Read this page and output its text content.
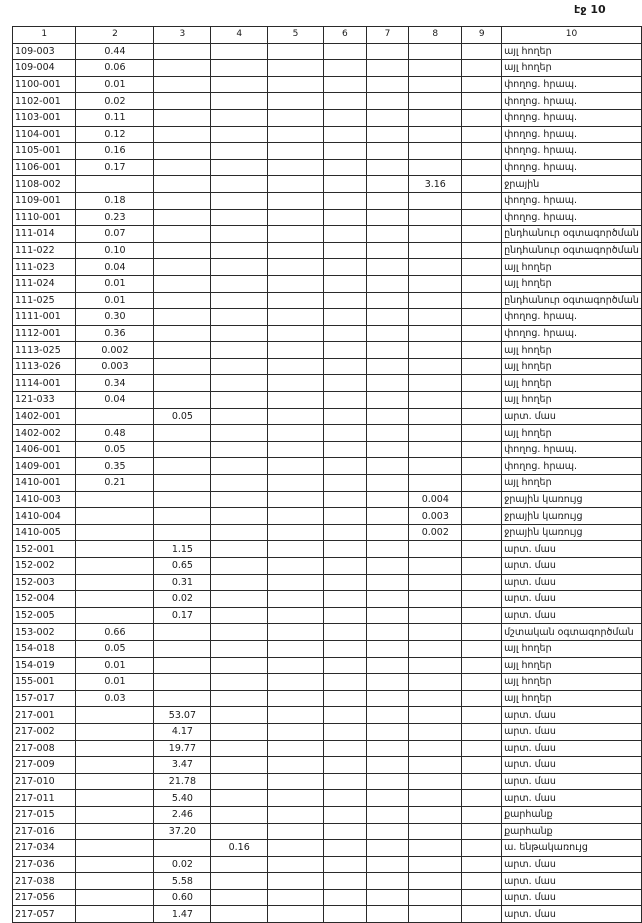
էջ 10
1	2	3	4	5	6	7	8	9	10
109-003	0.44								այլ հողեր
109-004	0.06								այլ հողեր
1100-001	0.01								փողոց. հրապ.
1102-001	0.02								փողոց. հրապ.
1103-001	0.11								փողոց. հրապ.
1104-001	0.12								փողոց. հրապ.
1105-001	0.16								փողոց. հրապ.
1106-001	0.17								փողոց. հրապ.
1108-002							3.16		ջրային
1109-001	0.18								փողոց. հրապ.
1110-001	0.23								փողոց. հրապ.
111-014	0.07								ընդհանուր օգտագործման
111-022	0.10								ընդհանուր օգտագործման
111-023	0.04								այլ հողեր
111-024	0.01								այլ հողեր
111-025	0.01								ընդհանուր օգտագործման
1111-001	0.30								փողոց. հրապ.
1112-001	0.36								փողոց. հրապ.
1113-025	0.002								այլ հողեր
1113-026	0.003								այլ հողեր
1114-001	0.34								այլ հողեր
121-033	0.04								այլ հողեր
1402-001		0.05							արտ. մաս
1402-002	0.48								այլ հողեր
1406-001	0.05								փողոց. հրապ.
1409-001	0.35								փողոց. հրապ.
1410-001	0.21								այլ հողեր
1410-003							0.004		ջրային կառույց
1410-004							0.003		ջրային կառույց
1410-005							0.002		ջրային կառույց
152-001		1.15							արտ. մաս
152-002		0.65							արտ. մաս
152-003		0.31							արտ. մաս
152-004		0.02							արտ. մաս
152-005		0.17							արտ. մաս
153-002	0.66								մշտական օգտագործման
154-018	0.05								այլ հողեր
154-019	0.01								այլ հողեր
155-001	0.01								այլ հողեր
157-017	0.03								այլ հողեր
217-001		53.07							արտ. մաս
217-002		4.17							արտ. մաս
217-008		19.77							արտ. մաս
217-009		3.47							արտ. մաս
217-010		21.78							արտ. մաս
217-011		5.40							արտ. մաս
217-015		2.46							քարհանք
217-016		37.20							քարհանք
217-034			0.16						ա. ենթակառույց
217-036		0.02							արտ. մաս
217-038		5.58							արտ. մաս
217-056		0.60							արտ. մաս
217-057		1.47							արտ. մաս
